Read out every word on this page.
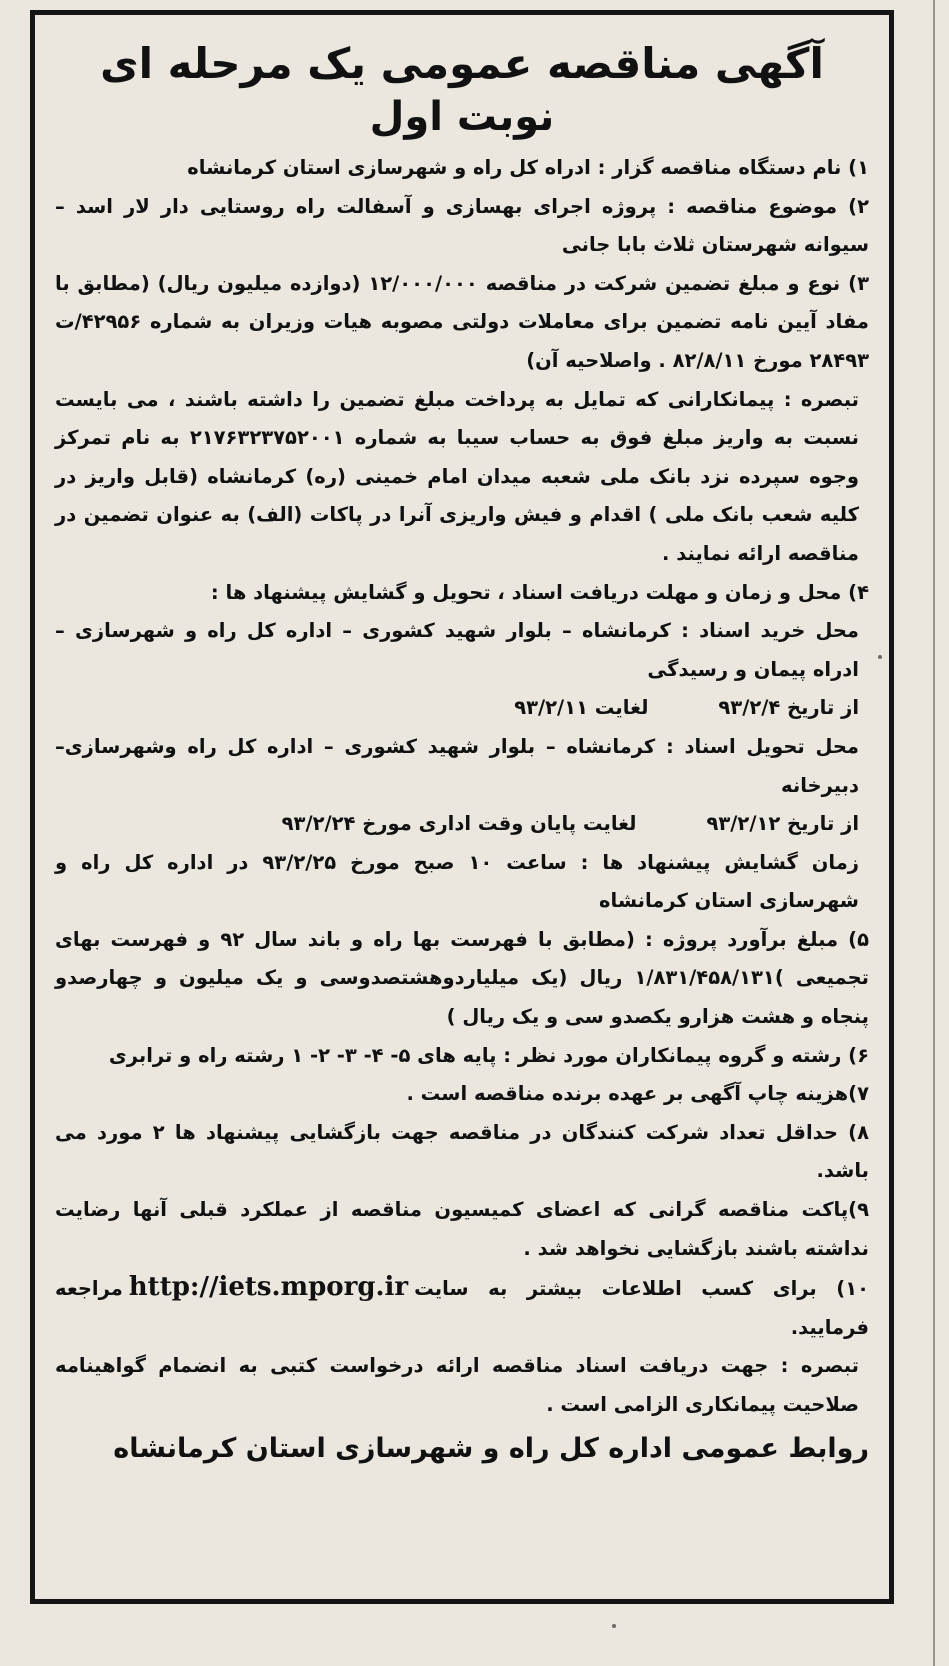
آگهی مناقصه عمومی یک مرحله ای
نوبت اول

۱) نام دستگاه مناقصه گزار : ادراه کل راه و شهرسازی استان کرمانشاه

۲) موضوع مناقصه : پروژه اجرای بهسازی و آسفالت راه روستایی دار لار اسد – سیوانه شهرستان ثلاث بابا جانی

۳) نوع و مبلغ تضمین شرکت در مناقصه ۱۲/۰۰۰/۰۰۰ (دوازده میلیون ریال) (مطابق با مفاد آیین نامه تضمین برای معاملات دولتی مصوبه هیات وزیران به شماره ۴۲۹۵۶/ت ۲۸۴۹۳ مورخ ۸۲/۸/۱۱ . واصلاحیه آن)

تبصره : پیمانکارانی که تمایل به پرداخت مبلغ تضمین را داشته باشند ، می بایست نسبت به واریز مبلغ فوق به حساب سیبا به شماره ۲۱۷۶۳۲۳۷۵۲۰۰۱ به نام تمرکز وجوه سپرده نزد بانک ملی شعبه میدان امام خمینی (ره) کرمانشاه (قابل واریز در کلیه شعب بانک ملی ) اقدام و فیش واریزی آنرا در پاکات (الف) به عنوان تضمین در مناقصه ارائه نمایند .

۴) محل و زمان و مهلت دریافت اسناد ، تحویل و گشایش پیشنهاد ها :

محل خرید اسناد : کرمانشاه – بلوار شهید کشوری – اداره کل راه و شهرسازی – ادراه پیمان و رسیدگی

از تاریخ ۹۳/۲/۴
لغایت ۹۳/۲/۱۱

محل تحویل اسناد : کرمانشاه – بلوار شهید کشوری – اداره کل راه وشهرسازی– دبیرخانه

از تاریخ ۹۳/۲/۱۲
لغایت پایان وقت اداری مورخ ۹۳/۲/۲۴

زمان گشایش پیشنهاد ها : ساعت ۱۰ صبح مورخ ۹۳/۲/۲۵ در اداره کل راه و شهرسازی استان کرمانشاه

۵) مبلغ برآورد پروژه : (مطابق با فهرست بها راه و باند سال ۹۲ و فهرست بهای تجمیعی )۱/۸۳۱/۴۵۸/۱۳۱ ریال (یک میلیاردوهشتصدوسی و یک میلیون و چهارصدو پنجاه و هشت هزارو یکصدو سی و یک ریال )

۶) رشته و گروه پیمانکاران مورد نظر : پایه های ۵- ۴- ۳- ۲- ۱ رشته راه و ترابری

۷)هزینه چاپ آگهی بر عهده برنده مناقصه است .

۸) حداقل تعداد شرکت کنندگان در مناقصه جهت بازگشایی پیشنهاد ها ۲ مورد می باشد.

۹)پاکت مناقصه گرانی که اعضای کمیسیون مناقصه از عملکرد قبلی آنها رضایت نداشته باشند بازگشایی نخواهد شد .

۱۰) برای کسب اطلاعات بیشتر به سایتhttp://iets.mporg.irمراجعه فرمایید.

تبصره : جهت دریافت اسناد مناقصه ارائه درخواست کتبی به انضمام گواهینامه صلاحیت پیمانکاری الزامی است .

روابط عمومی اداره کل راه و شهرسازی استان کرمانشاه
